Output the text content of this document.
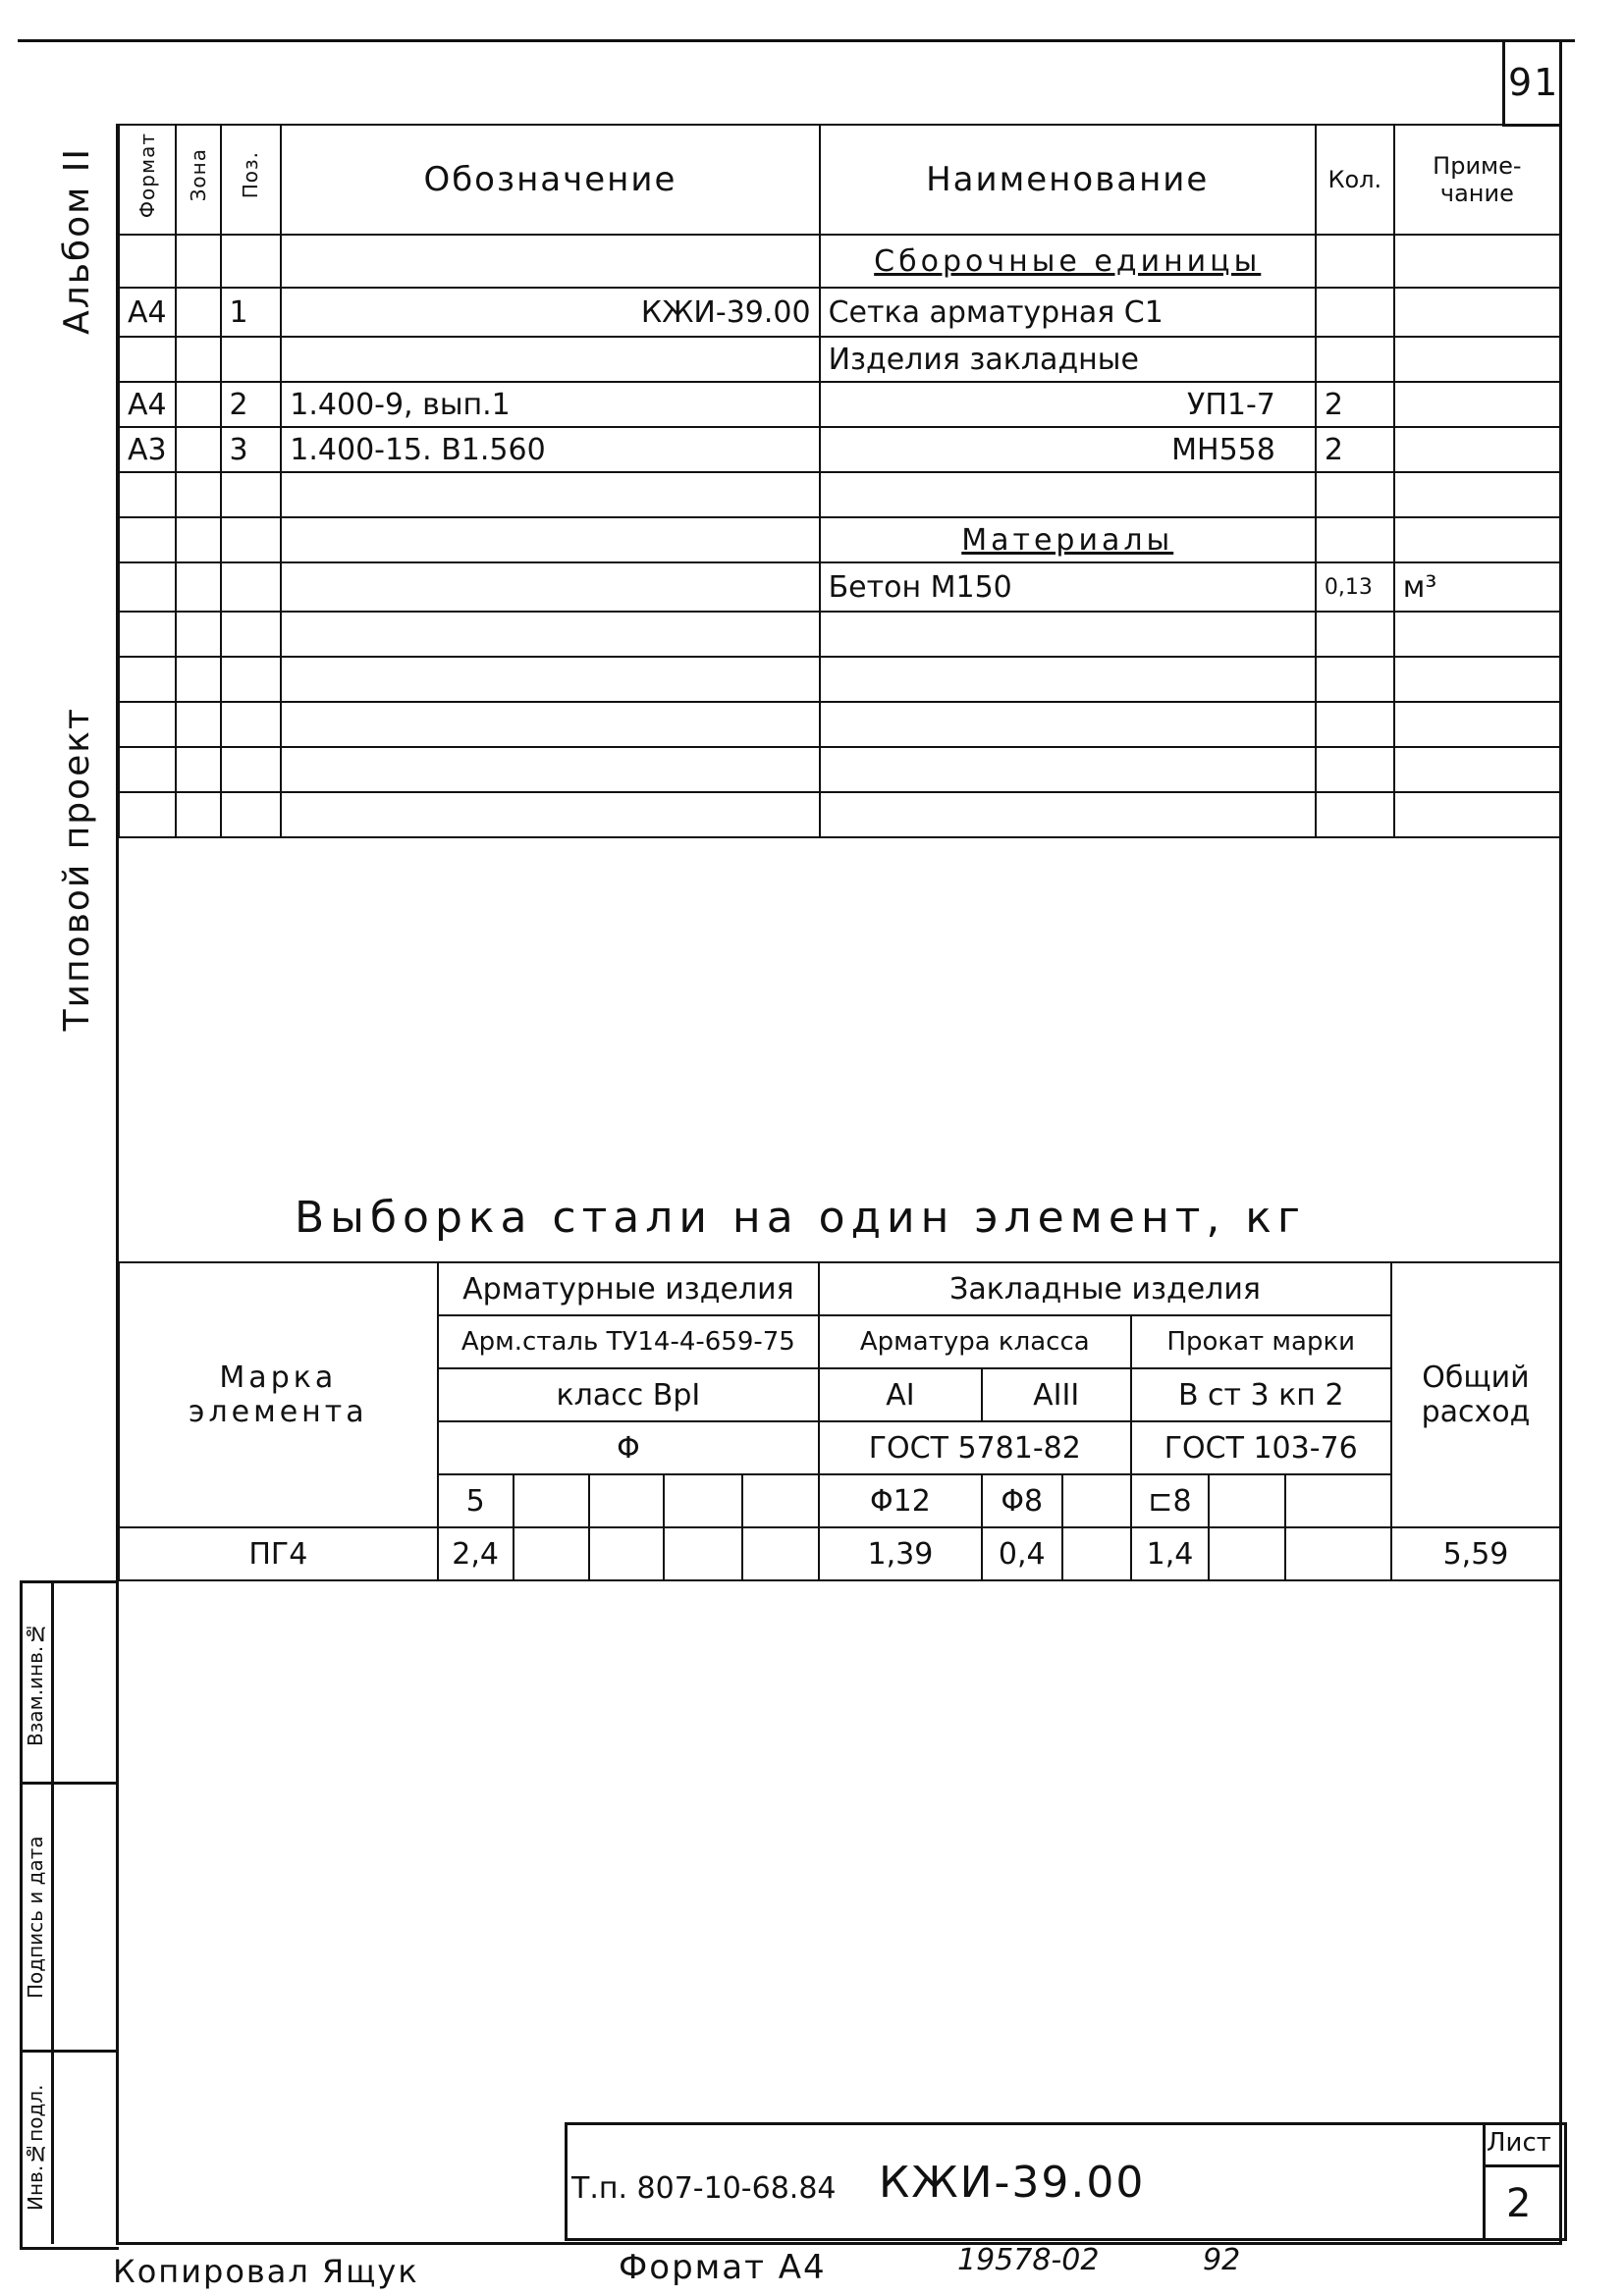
91
Альбом II
Типовой проект
Формат	Зона	Поз.	Обозначение	Наименование	Кол.	Приме-чание
				Сборочные единицы		
А4		1	КЖИ-39.00	Сетка арматурная С1		
				Изделия закладные		
А4		2	1.400-9, вып.1	УП1-7	2	
А3		3	1.400-15. В1.560	МН558	2	

				Материалы		
				Бетон М150	0,13	м³

Выборка стали на один элемент, кг
Марка элемента	Арматурные изделия					Закладные изделия						Общий расход
	Арм.сталь ТУ14-4-659-75					Арматура класса			Прокат марки			
	класс ВрI					АI	АIII		В ст 3 кп 2			
	Φ					ГОСТ 5781-82			ГОСТ 103-76			
	5					Φ12	Φ8		⊏8			
ПГ4	2,4					1,39	0,4		1,4			5,59
Взам.инв.№
Подпись и дата
Инв.№подл.	Т.п. 807-10-68.84 КЖИ-39.00
Лист
2
Копировал Ящук	Формат А4	19578-02	92
